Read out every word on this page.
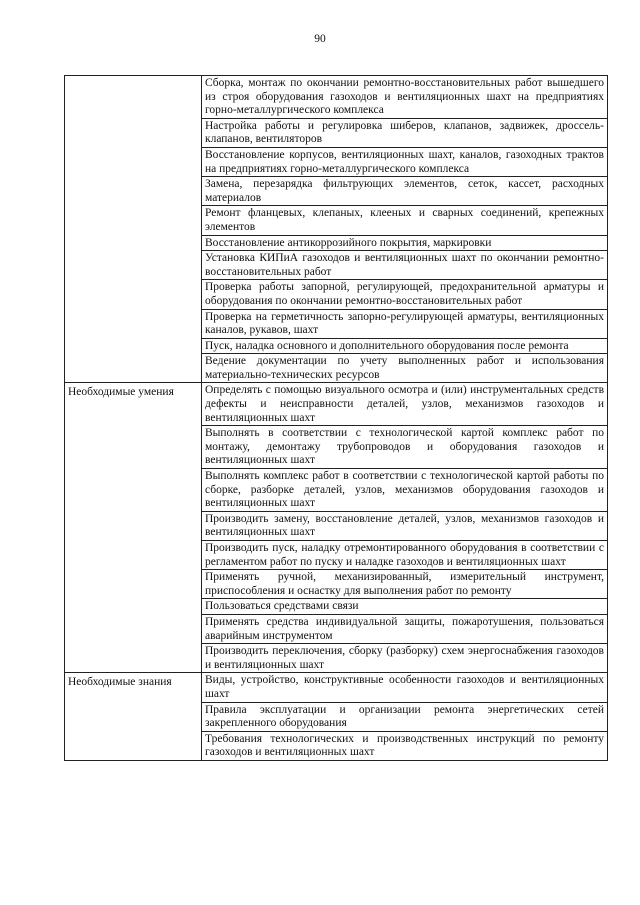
90
	Сборка, монтаж по окончании ремонтно-восстановительных работ вышедшего из строя оборудования газоходов и вентиляционных шахт на предприятиях горно-металлургического комплекса
	Настройка работы и регулировка шиберов, клапанов, задвижек, дроссель-клапанов, вентиляторов
	Восстановление корпусов, вентиляционных шахт, каналов, газоходных трактов на предприятиях горно-металлургического комплекса
	Замена, перезарядка фильтрующих элементов, сеток, кассет, расходных материалов
	Ремонт фланцевых, клепаных, клееных и сварных соединений, крепежных элементов
	Восстановление антикоррозийного покрытия, маркировки
	Установка КИПиА газоходов и вентиляционных шахт по окончании ремонтно-восстановительных работ
	Проверка работы запорной, регулирующей, предохранительной арматуры и оборудования по окончании ремонтно-восстановительных работ
	Проверка на герметичность запорно-регулирующей арматуры, вентиляционных каналов, рукавов, шахт
	Пуск, наладка основного и дополнительного оборудования после ремонта
	Ведение документации по учету выполненных работ и использования материально-технических ресурсов
Необходимые умения	Определять с помощью визуального осмотра и (или) инструментальных средств дефекты и неисправности деталей, узлов, механизмов газоходов и вентиляционных шахт
	Выполнять в соответствии с технологической картой комплекс работ по монтажу, демонтажу трубопроводов и оборудования газоходов и вентиляционных шахт
	Выполнять комплекс работ в соответствии с технологической картой работы по сборке, разборке деталей, узлов, механизмов оборудования газоходов и вентиляционных шахт
	Производить замену, восстановление деталей, узлов, механизмов газоходов и вентиляционных шахт
	Производить пуск, наладку отремонтированного оборудования в соответствии с регламентом работ по пуску и наладке газоходов и вентиляционных шахт
	Применять ручной, механизированный, измерительный инструмент, приспособления и оснастку для выполнения работ по ремонту
	Пользоваться средствами связи
	Применять средства индивидуальной защиты, пожаротушения, пользоваться аварийным инструментом
	Производить переключения, сборку (разборку) схем энергоснабжения газоходов и вентиляционных шахт
Необходимые знания	Виды, устройство, конструктивные особенности газоходов и вентиляционных шахт
	Правила эксплуатации и организации ремонта энергетических сетей закрепленного оборудования
	Требования технологических и производственных инструкций по ремонту газоходов и вентиляционных шахт
